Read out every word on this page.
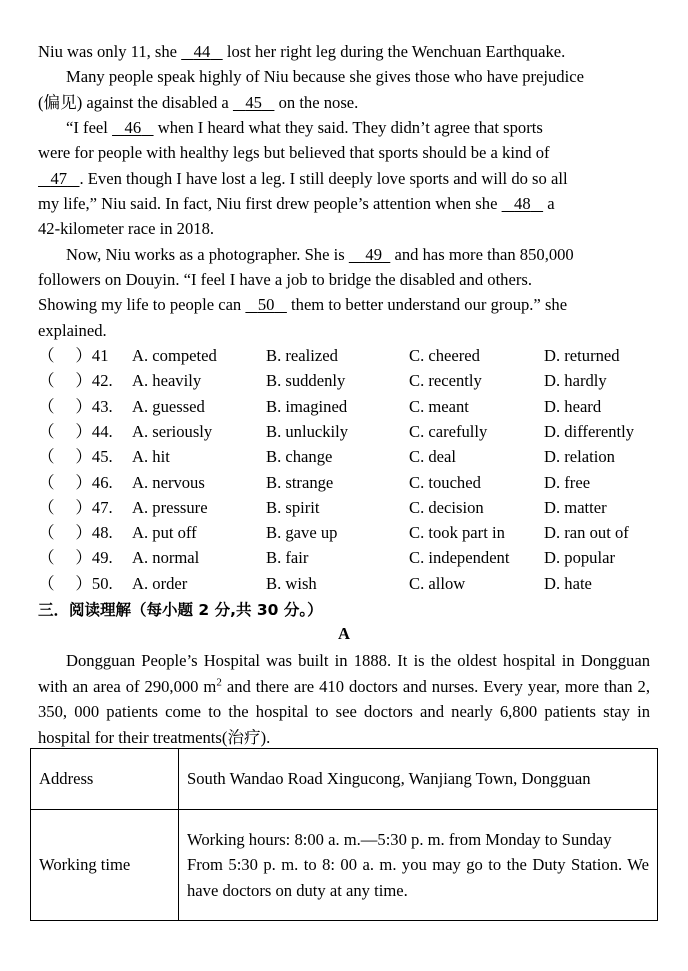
Niu was only 11, she    44    lost her right leg during the Wenchuan Earthquake.
Many people speak highly of Niu because she gives those who have prejudice
(偏见) against the disabled a    45    on the nose.
“I feel    46    when I heard what they said. They didn’t agree that sports
were for people with healthy legs but believed that sports should be a kind of
47 . Even though I have lost a leg. I still deeply love sports and will do so all
my life,” Niu said. In fact, Niu first drew people’s attention when she    48    a
42-kilometer race in 2018.
Now, Niu works as a photographer. She is     49   and has more than 850,000
followers on Douyin. “I feel I have a job to bridge the disabled and others.
Showing my life to people can    50    them to better understand our group.” she
explained.
（　 ）41 A. competed	B. realized	C. cheered	D. returned
（　 ）42. A. heavily	B. suddenly	C. recently	D. hardly
（　 ）43. A. guessed	B. imagined	C. meant	D. heard
（　 ）44. A. seriously	B. unluckily	C. carefully	D. differently
（　 ）45. A. hit	B. change	C. deal	D. relation
（　 ）46. A. nervous	B. strange	C. touched	D. free
（　 ）47. A. pressure	B. spirit	C. decision	D. matter
（　 ）48. A. put off	B. gave up	C. took part in D. ran out of
（　 ）49. A. normal	B. fair	C. independent D. popular
（　 ）50. A. order	B. wish	C. allow	D. hate
三．阅读理解（每小题 2 分,共 30 分。）
A
Dongguan People’s Hospital was built in 1888. It is the oldest hospital in Dongguan with an area of 290,000 $m^2$ and there are 410 doctors and nurses. Every year, more than 2, 350, 000 patients come to the hospital to see doctors and nearly 6,800 patients stay in hospital for their treatments(治疗).
Address	South Wandao Road Xingucong, Wanjiang Town, Dongguan
Working time	Working hours: 8:00 a. m.—5:30 p. m. from Monday to Sunday
From 5:30 p. m. to 8: 00 a. m. you may go to the Duty Station. We have doctors on duty at any time.
